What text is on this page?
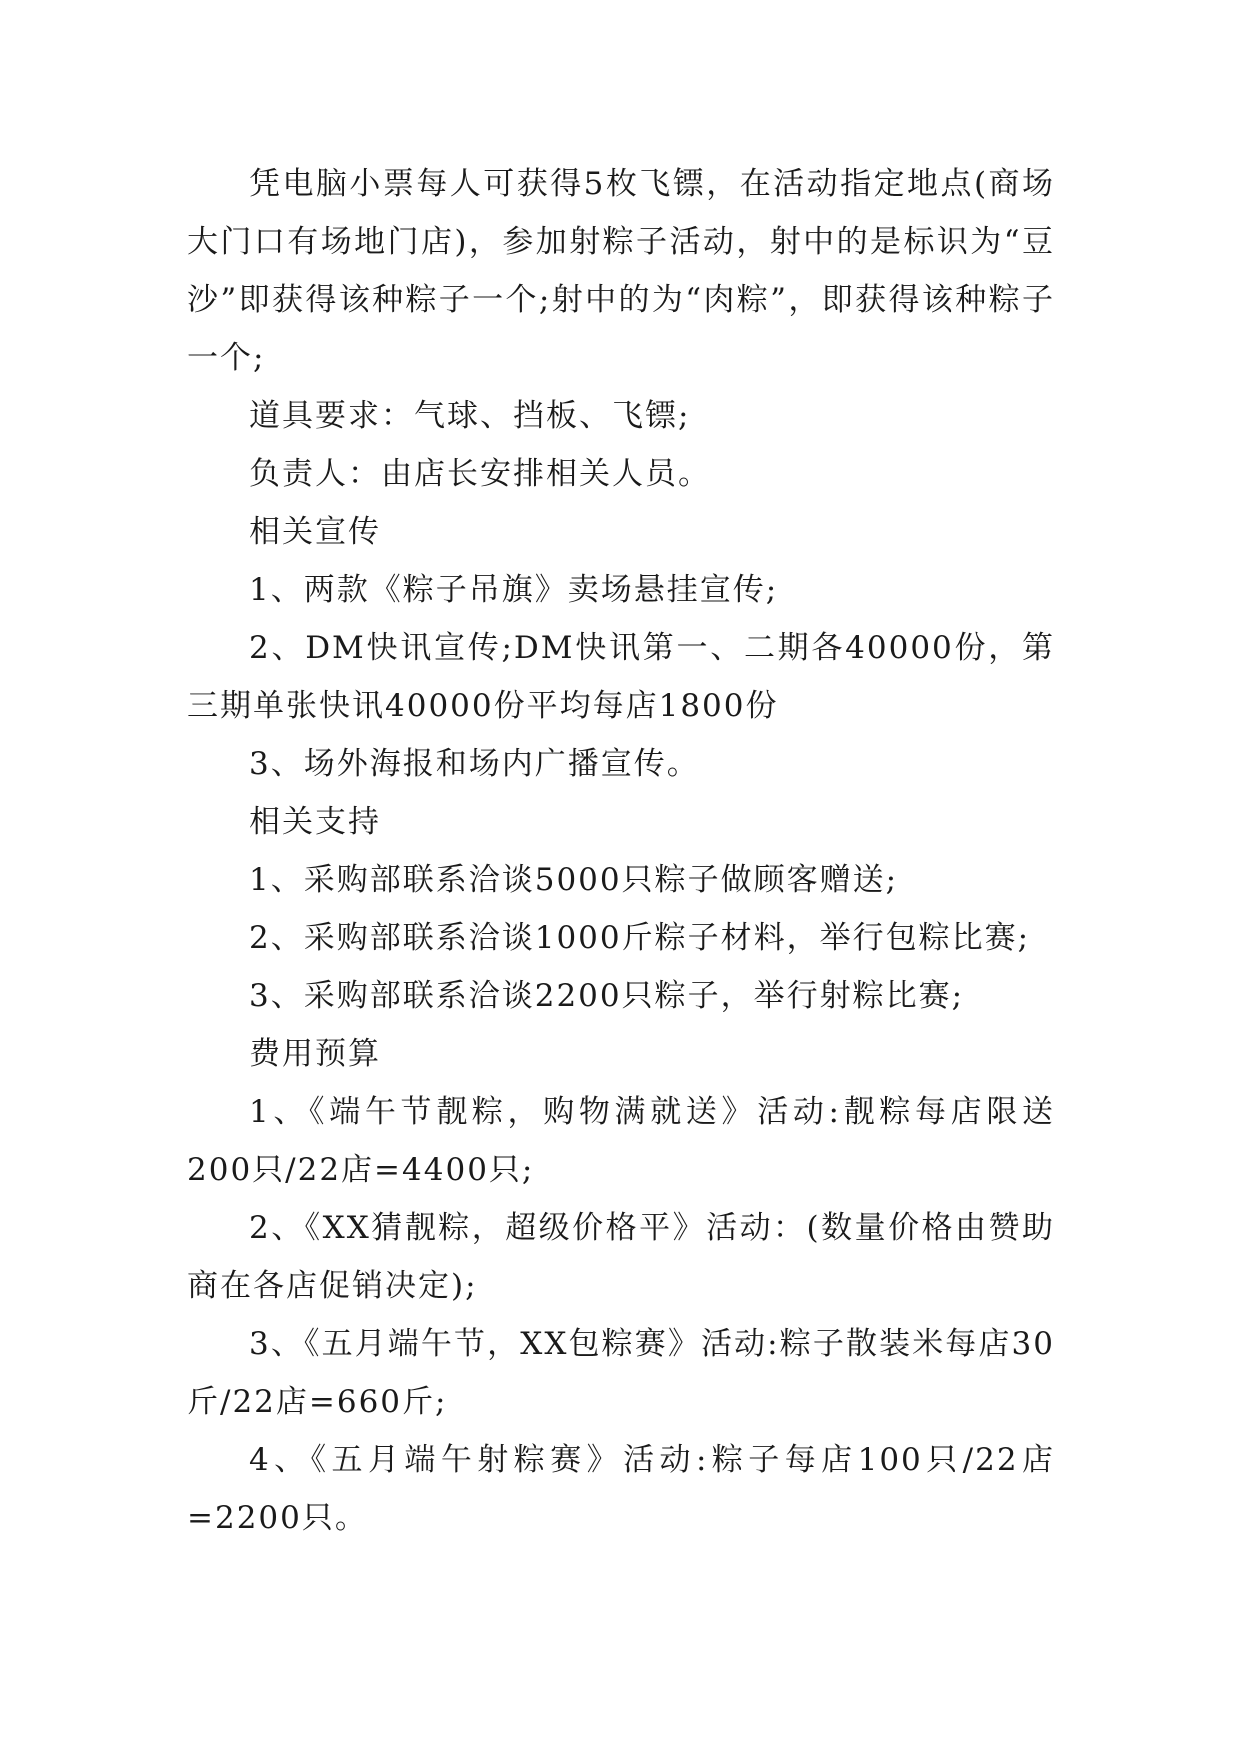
凭电脑小票每人可获得5枚飞镖，在活动指定地点(商场大门口有场地门店)，参加射粽子活动，射中的是标识为“豆沙”即获得该种粽子一个;射中的为“肉粽”，即获得该种粽子一个;

道具要求：气球、挡板、飞镖;

负责人：由店长安排相关人员。

相关宣传

1、两款《粽子吊旗》卖场悬挂宣传;

2、DM快讯宣传;DM快讯第一、二期各40000份，第三期单张快讯40000份平均每店1800份

3、场外海报和场内广播宣传。

相关支持

1、采购部联系洽谈5000只粽子做顾客赠送;

2、采购部联系洽谈1000斤粽子材料，举行包粽比赛;

3、采购部联系洽谈2200只粽子，举行射粽比赛;

费用预算

1、《端午节靓粽，购物满就送》活动:靓粽每店限送200只/22店=4400只;

2、《XX猜靓粽，超级价格平》活动：(数量价格由赞助商在各店促销决定);

3、《五月端午节，XX包粽赛》活动:粽子散装米每店30斤/22店=660斤;

4、《五月端午射粽赛》活动:粽子每店100只/22店=2200只。
